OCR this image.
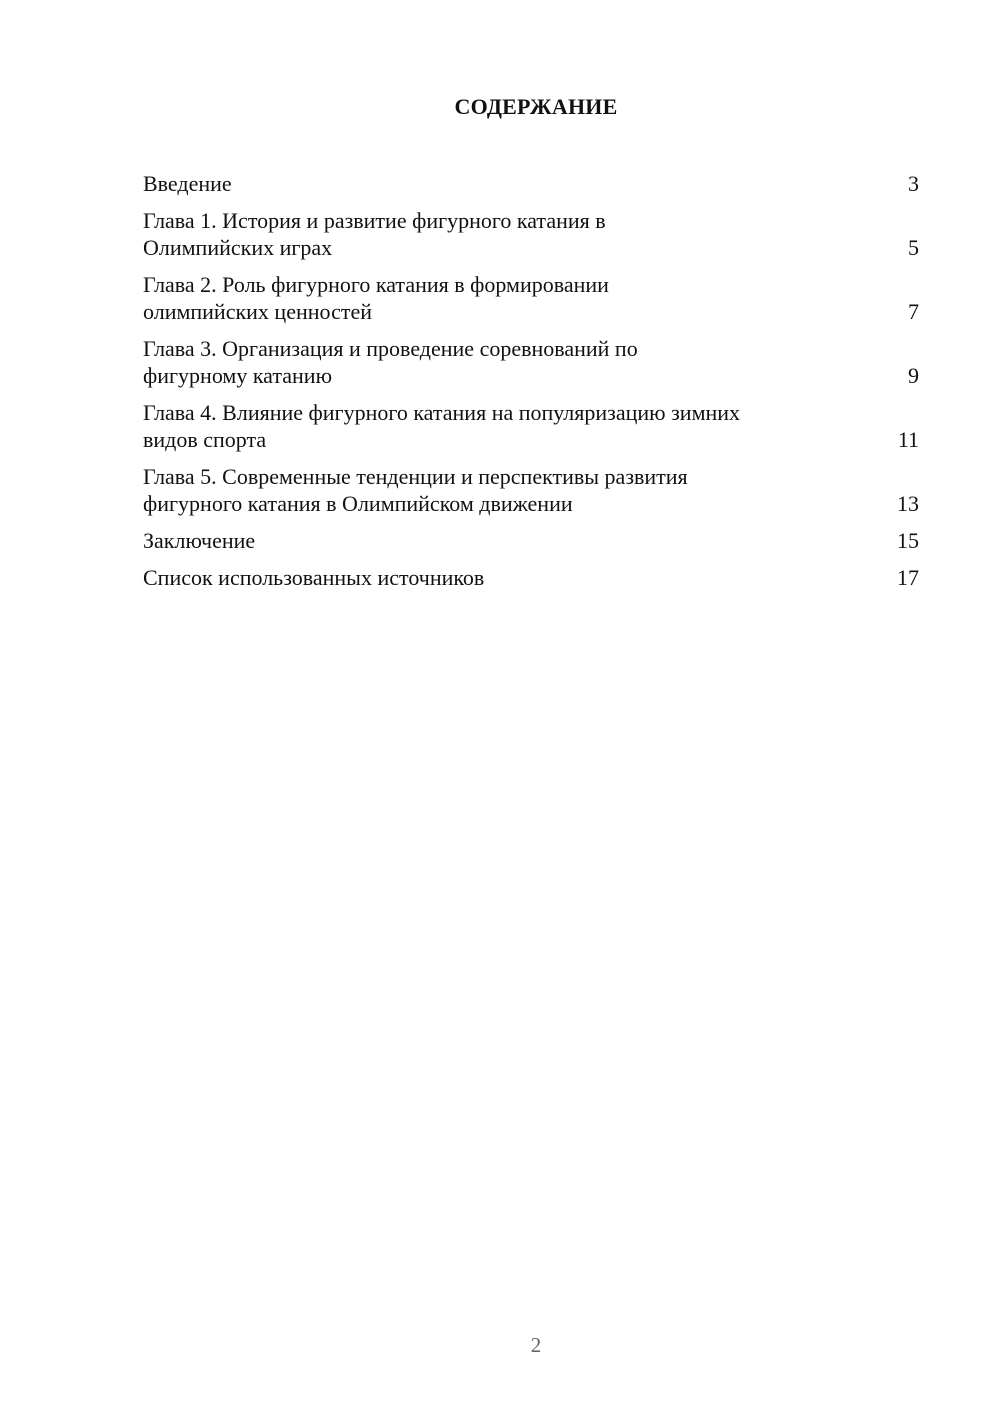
СОДЕРЖАНИЕ
Введение	3
Глава 1. История и развитие фигурного катания в
Олимпийских играх	5
Глава 2. Роль фигурного катания в формировании
олимпийских ценностей	7
Глава 3. Организация и проведение соревнований по
фигурному катанию	9
Глава 4. Влияние фигурного катания на популяризацию зимних
видов спорта	11
Глава 5. Современные тенденции и перспективы развития
фигурного катания в Олимпийском движении	13
Заключение	15
Список использованных источников	17
2
